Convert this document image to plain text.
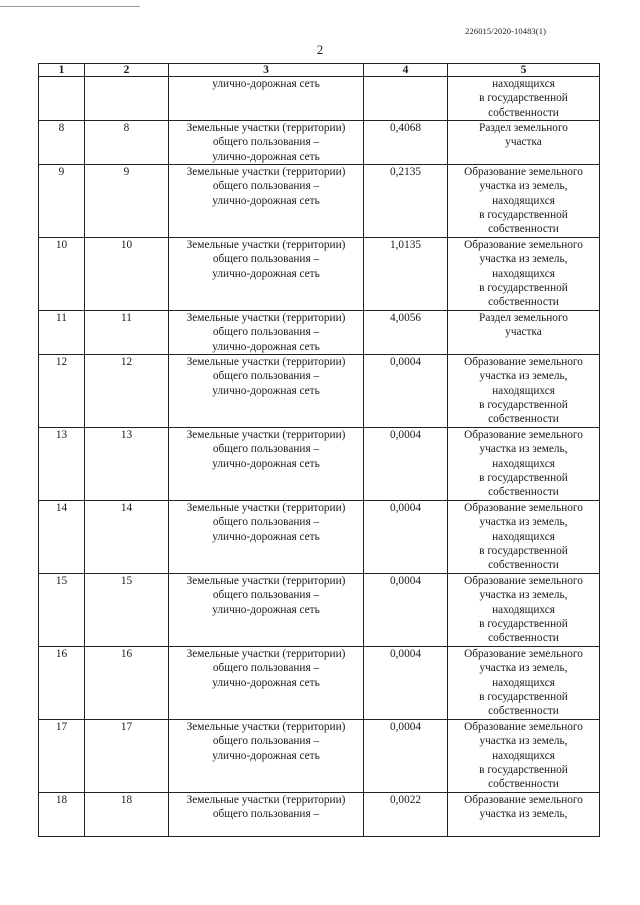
226015/2020-10483(1)
2
1	2	3	4	5

		улично-дорожная сеть		находящихся
в государственной
собственности

8	8	Земельные участки (территории)
общего пользования –
улично-дорожная сеть	0,4068	Раздел земельного
участка

9	9	Земельные участки (территории)
общего пользования –
улично-дорожная сеть	0,2135	Образование земельного
участка из земель,
находящихся
в государственной
собственности

10	10	Земельные участки (территории)
общего пользования –
улично-дорожная сеть	1,0135	Образование земельного
участка из земель,
находящихся
в государственной
собственности

11	11	Земельные участки (территории)
общего пользования –
улично-дорожная сеть	4,0056	Раздел земельного
участка

12	12	Земельные участки (территории)
общего пользования –
улично-дорожная сеть	0,0004	Образование земельного
участка из земель,
находящихся
в государственной
собственности

13	13	Земельные участки (территории)
общего пользования –
улично-дорожная сеть	0,0004	Образование земельного
участка из земель,
находящихся
в государственной
собственности

14	14	Земельные участки (территории)
общего пользования –
улично-дорожная сеть	0,0004	Образование земельного
участка из земель,
находящихся
в государственной
собственности

15	15	Земельные участки (территории)
общего пользования –
улично-дорожная сеть	0,0004	Образование земельного
участка из земель,
находящихся
в государственной
собственности

16	16	Земельные участки (территории)
общего пользования –
улично-дорожная сеть	0,0004	Образование земельного
участка из земель,
находящихся
в государственной
собственности

17	17	Земельные участки (территории)
общего пользования –
улично-дорожная сеть	0,0004	Образование земельного
участка из земель,
находящихся
в государственной
собственности

18	18	Земельные участки (территории)
общего пользования –	0,0022	Образование земельного
участка из земель,
